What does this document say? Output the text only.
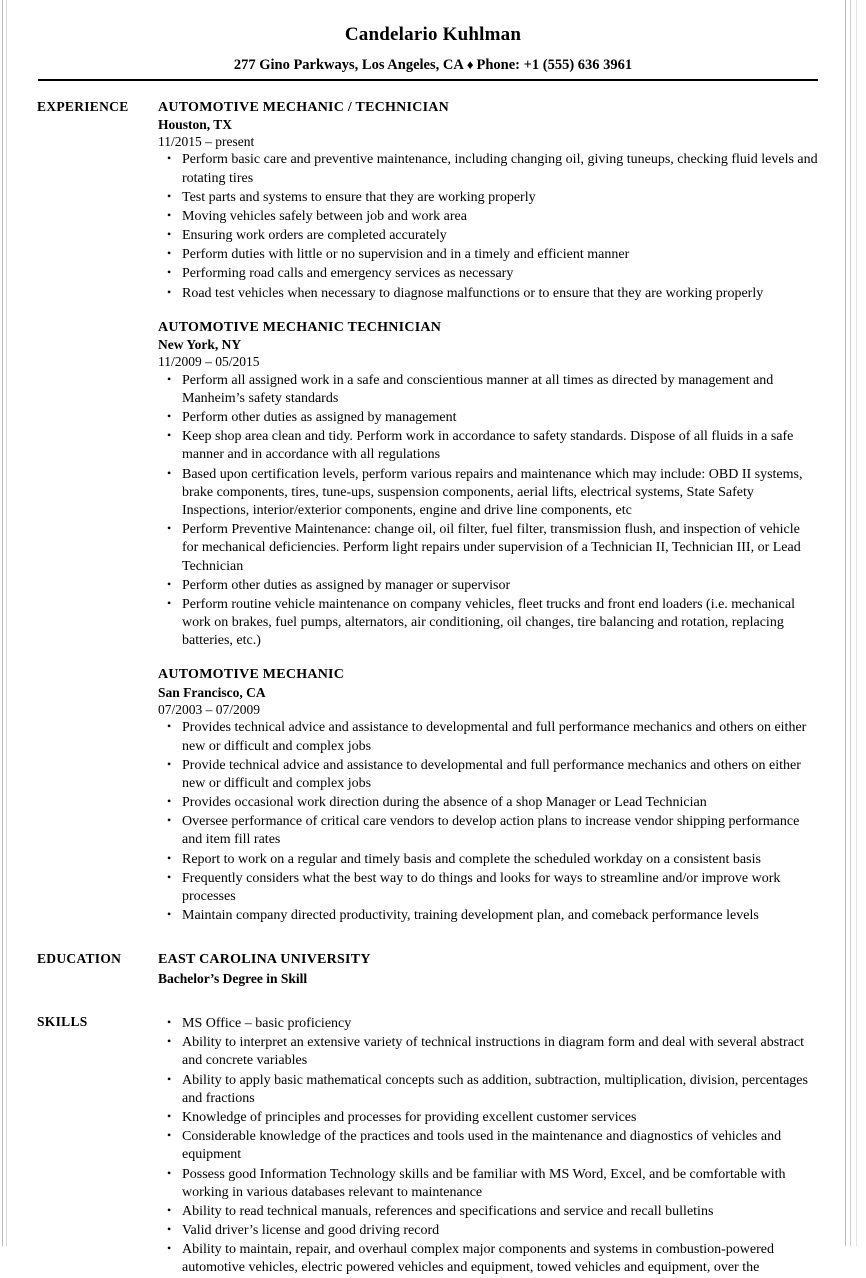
Candelario Kuhlman
277 Gino Parkways, Los Angeles, CA ♦ Phone: +1 (555) 636 3961
EXPERIENCE	AUTOMOTIVE MECHANIC / TECHNICIAN
Houston, TX
11/2015 – present
• Perform basic care and preventive maintenance, including changing oil, giving tuneups, checking fluid levels and rotating tires
• Test parts and systems to ensure that they are working properly
• Moving vehicles safely between job and work area
• Ensuring work orders are completed accurately
• Perform duties with little or no supervision and in a timely and efficient manner
• Performing road calls and emergency services as necessary
• Road test vehicles when necessary to diagnose malfunctions or to ensure that they are working properly
AUTOMOTIVE MECHANIC TECHNICIAN
New York, NY
11/2009 – 05/2015
• Perform all assigned work in a safe and conscientious manner at all times as directed by management and Manheim’s safety standards
• Perform other duties as assigned by management
• Keep shop area clean and tidy. Perform work in accordance to safety standards. Dispose of all fluids in a safe manner and in accordance with all regulations
• Based upon certification levels, perform various repairs and maintenance which may include: OBD II systems, brake components, tires, tune-ups, suspension components, aerial lifts, electrical systems, State Safety Inspections, interior/exterior components, engine and drive line components, etc
• Perform Preventive Maintenance: change oil, oil filter, fuel filter, transmission flush, and inspection of vehicle for mechanical deficiencies. Perform light repairs under supervision of a Technician II, Technician III, or Lead Technician
• Perform other duties as assigned by manager or supervisor
• Perform routine vehicle maintenance on company vehicles, fleet trucks and front end loaders (i.e. mechanical work on brakes, fuel pumps, alternators, air conditioning, oil changes, tire balancing and rotation, replacing batteries, etc.)
AUTOMOTIVE MECHANIC
San Francisco, CA
07/2003 – 07/2009
• Provides technical advice and assistance to developmental and full performance mechanics and others on either new or difficult and complex jobs
• Provide technical advice and assistance to developmental and full performance mechanics and others on either new or difficult and complex jobs
• Provides occasional work direction during the absence of a shop Manager or Lead Technician
• Oversee performance of critical care vendors to develop action plans to increase vendor shipping performance and item fill rates
• Report to work on a regular and timely basis and complete the scheduled workday on a consistent basis
• Frequently considers what the best way to do things and looks for ways to streamline and/or improve work processes
• Maintain company directed productivity, training development plan, and comeback performance levels
EDUCATION	EAST CAROLINA UNIVERSITY
Bachelor’s Degree in Skill
SKILLS	• MS Office – basic proficiency
• Ability to interpret an extensive variety of technical instructions in diagram form and deal with several abstract and concrete variables
• Ability to apply basic mathematical concepts such as addition, subtraction, multiplication, division, percentages and fractions
• Knowledge of principles and processes for providing excellent customer services
• Considerable knowledge of the practices and tools used in the maintenance and diagnostics of vehicles and equipment
• Possess good Information Technology skills and be familiar with MS Word, Excel, and be comfortable with working in various databases relevant to maintenance
• Ability to read technical manuals, references and specifications and service and recall bulletins
• Valid driver’s license and good driving record
• Ability to maintain, repair, and overhaul complex major components and systems in combustion-powered automotive vehicles, electric powered vehicles and equipment, towed vehicles and equipment, over the
